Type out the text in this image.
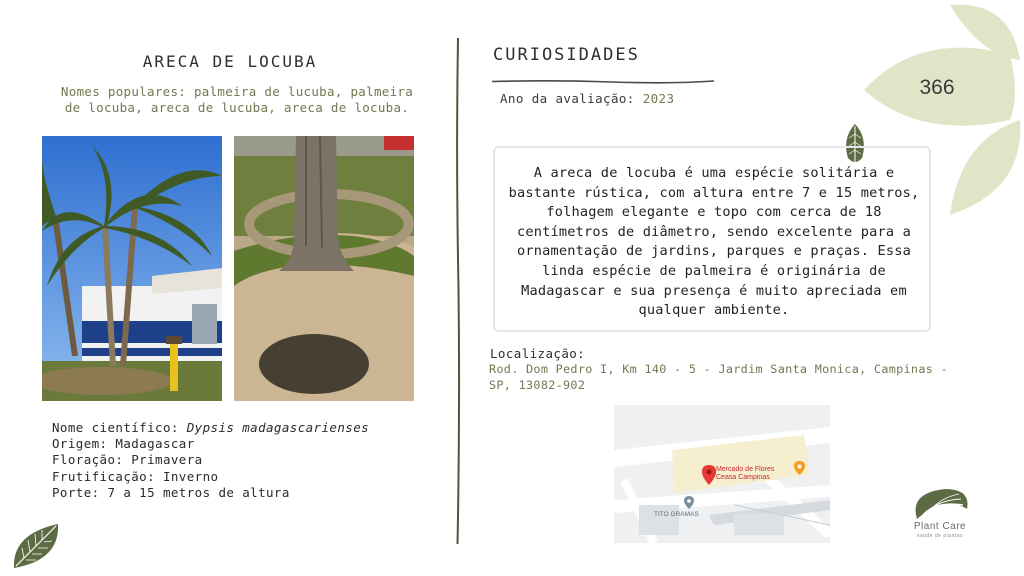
ARECA DE LOCUBA
Nomes populares: palmeira de lucuba, palmeira de locuba, areca de lucuba, areca de locuba.
Nome científico: Dypsis madagascarienses
Origem: Madagascar
Floração: Primavera
Frutificação: Inverno
Porte: 7 a 15 metros de altura
CURIOSIDADES
Ano da avaliação: 2023	366
A areca de locuba é uma espécie solitária e bastante rústica, com altura entre 7 e 15 metros, folhagem elegante e topo com cerca de 18 centímetros de diâmetro, sendo excelente para a ornamentação de jardins, parques e praças. Essa linda espécie de palmeira é originária de Madagascar e sua presença é muito apreciada em qualquer ambiente.
Localização:
Rod. Dom Pedro I, Km 140 - 5 - Jardim Santa Monica, Campinas - SP, 13082-902
Mercado de Flores
Ceasa Campinas
TITO GRAMAS
Plant Care
saúde de plantas
